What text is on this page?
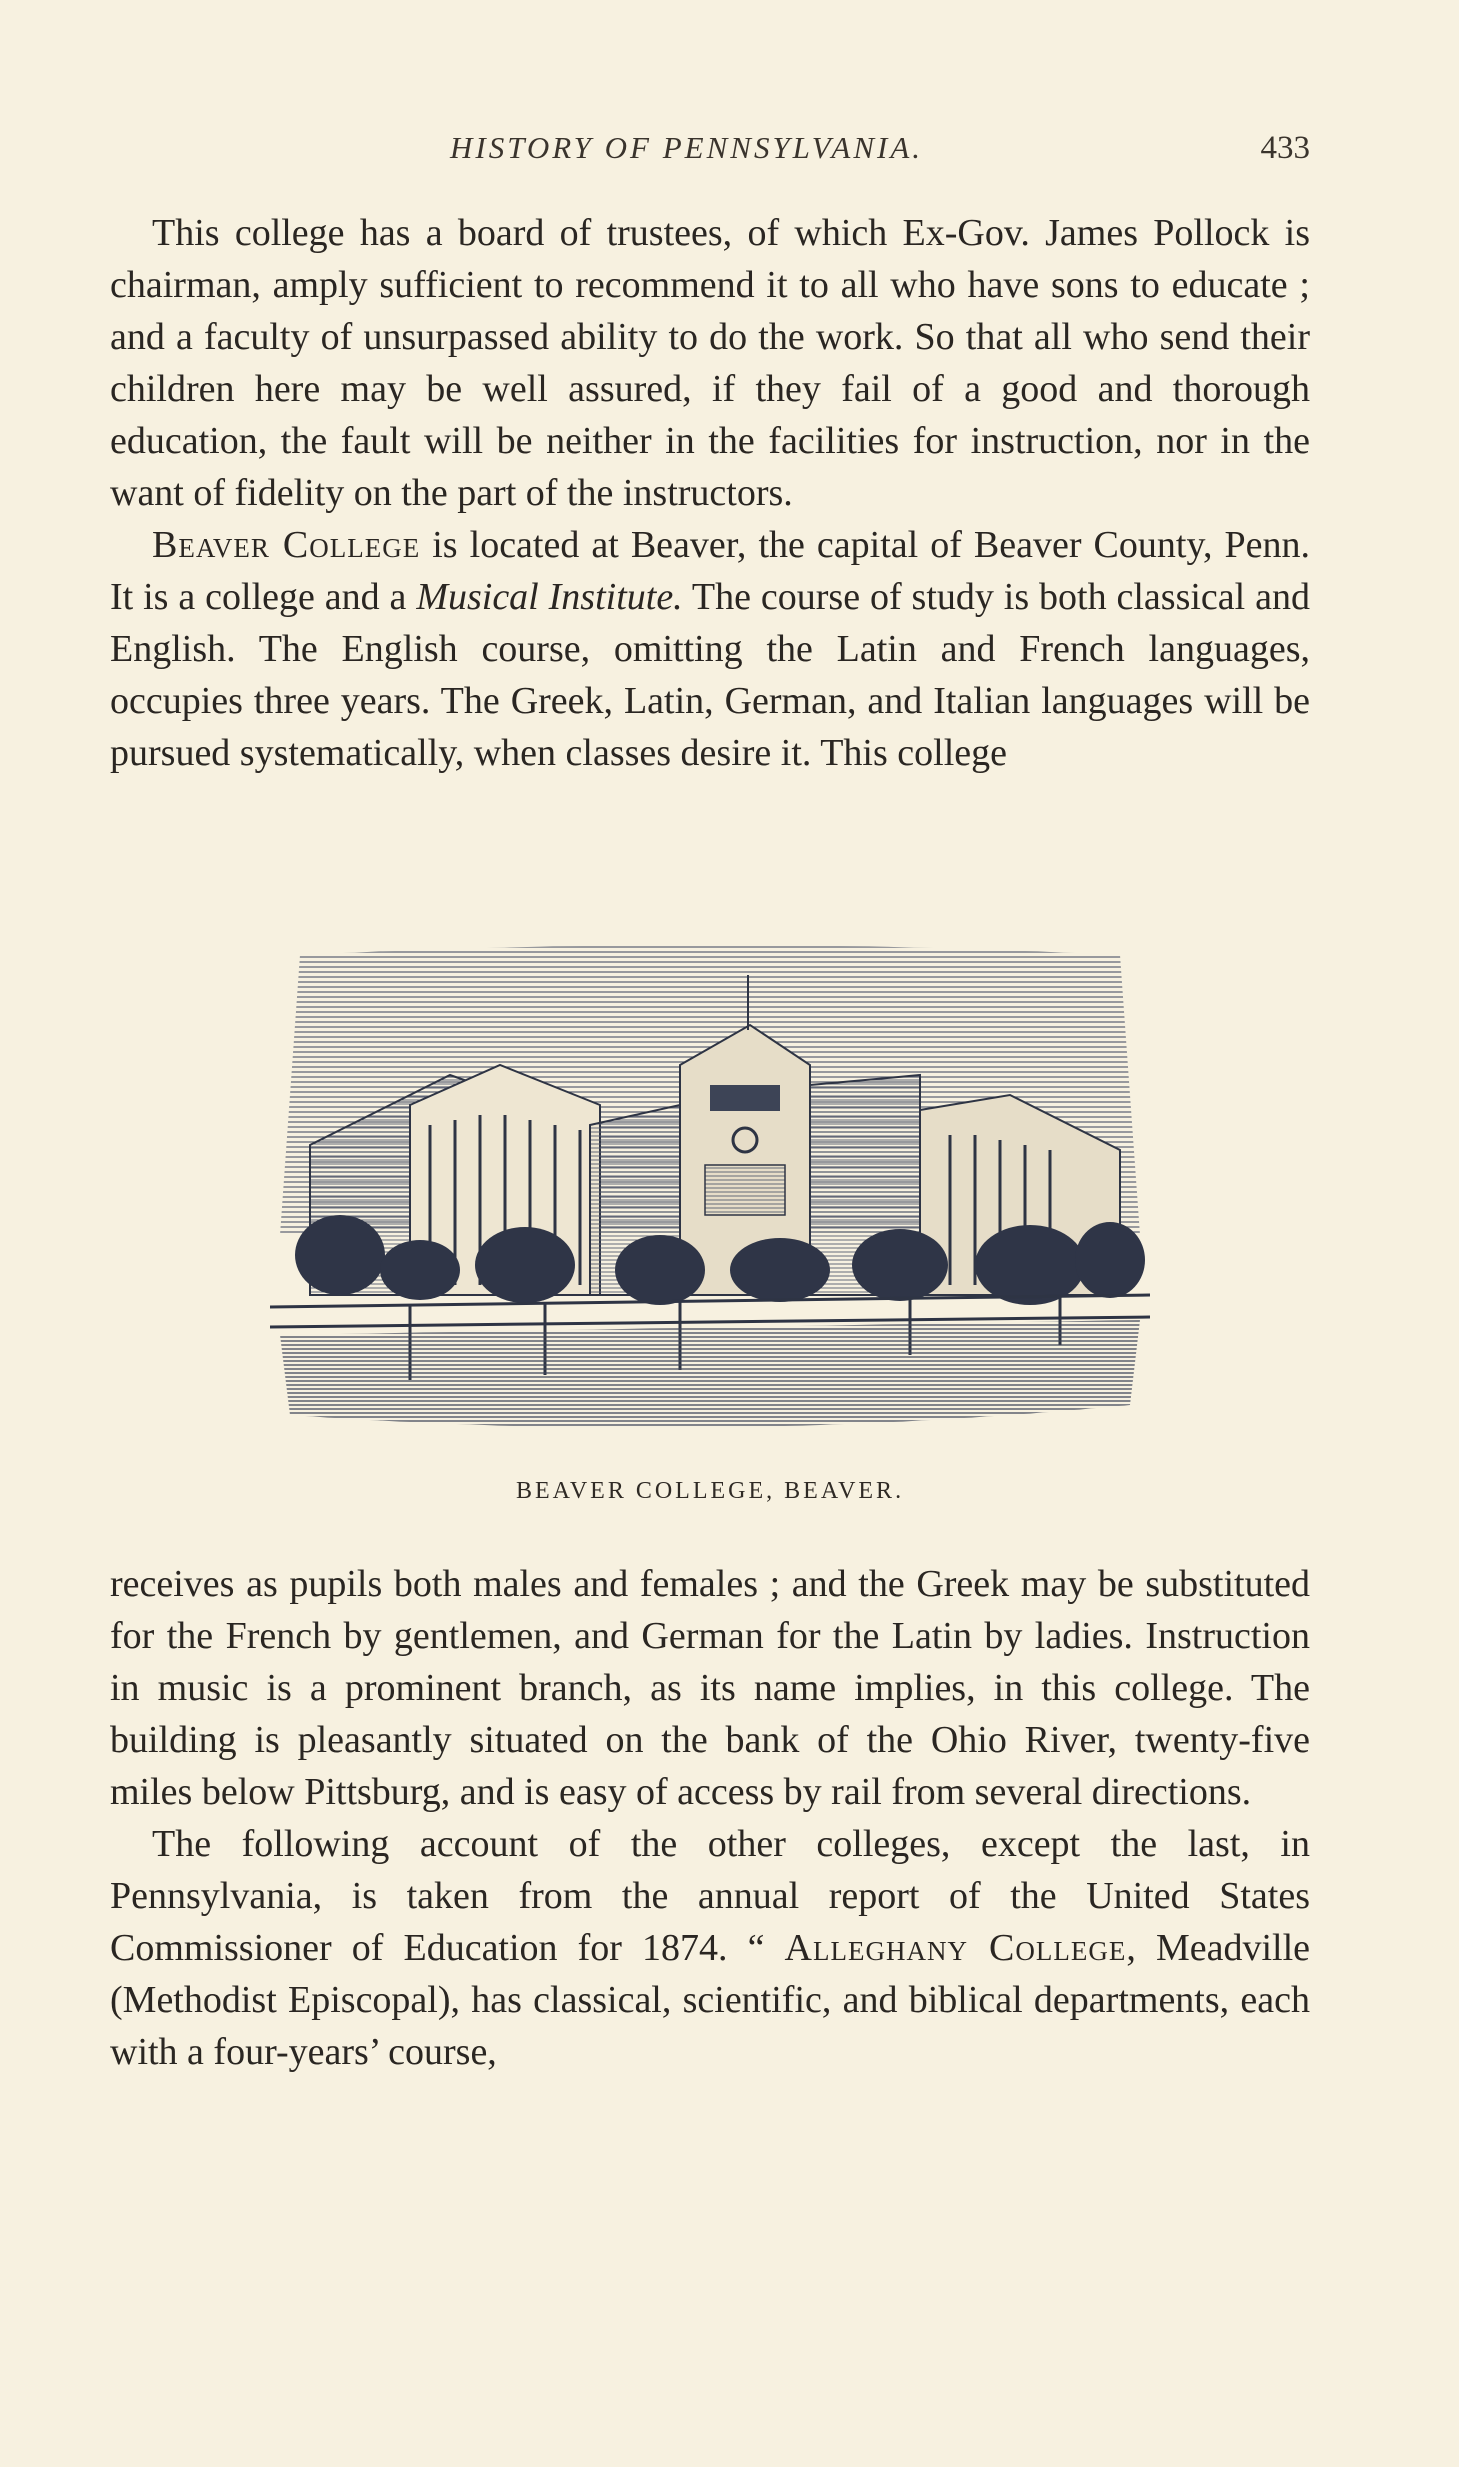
HISTORY OF PENNSYLVANIA.	433

This college has a board of trustees, of which Ex-Gov. James Pollock is chairman, amply sufficient to recommend it to all who have sons to educate ; and a faculty of unsurpassed ability to do the work. So that all who send their children here may be well assured, if they fail of a good and thorough education, the fault will be neither in the facilities for instruction, nor in the want of fidelity on the part of the instructors.

Beaver College is located at Beaver, the capital of Beaver County, Penn. It is a college and a Musical Institute. The course of study is both classical and English. The English course, omitting the Latin and French languages, occupies three years. The Greek, Latin, German, and Italian languages will be pursued systematically, when classes desire it. This college

BEAVER COLLEGE, BEAVER.

receives as pupils both males and females ; and the Greek may be substituted for the French by gentlemen, and German for the Latin by ladies. Instruction in music is a prominent branch, as its name implies, in this college. The building is pleasantly situated on the bank of the Ohio River, twenty-five miles below Pittsburg, and is easy of access by rail from several directions.

The following account of the other colleges, except the last, in Pennsylvania, is taken from the annual report of the United States Commissioner of Education for 1874. “ Alleghany College, Meadville (Methodist Episcopal), has classical, scientific, and biblical departments, each with a four-years’ course,
